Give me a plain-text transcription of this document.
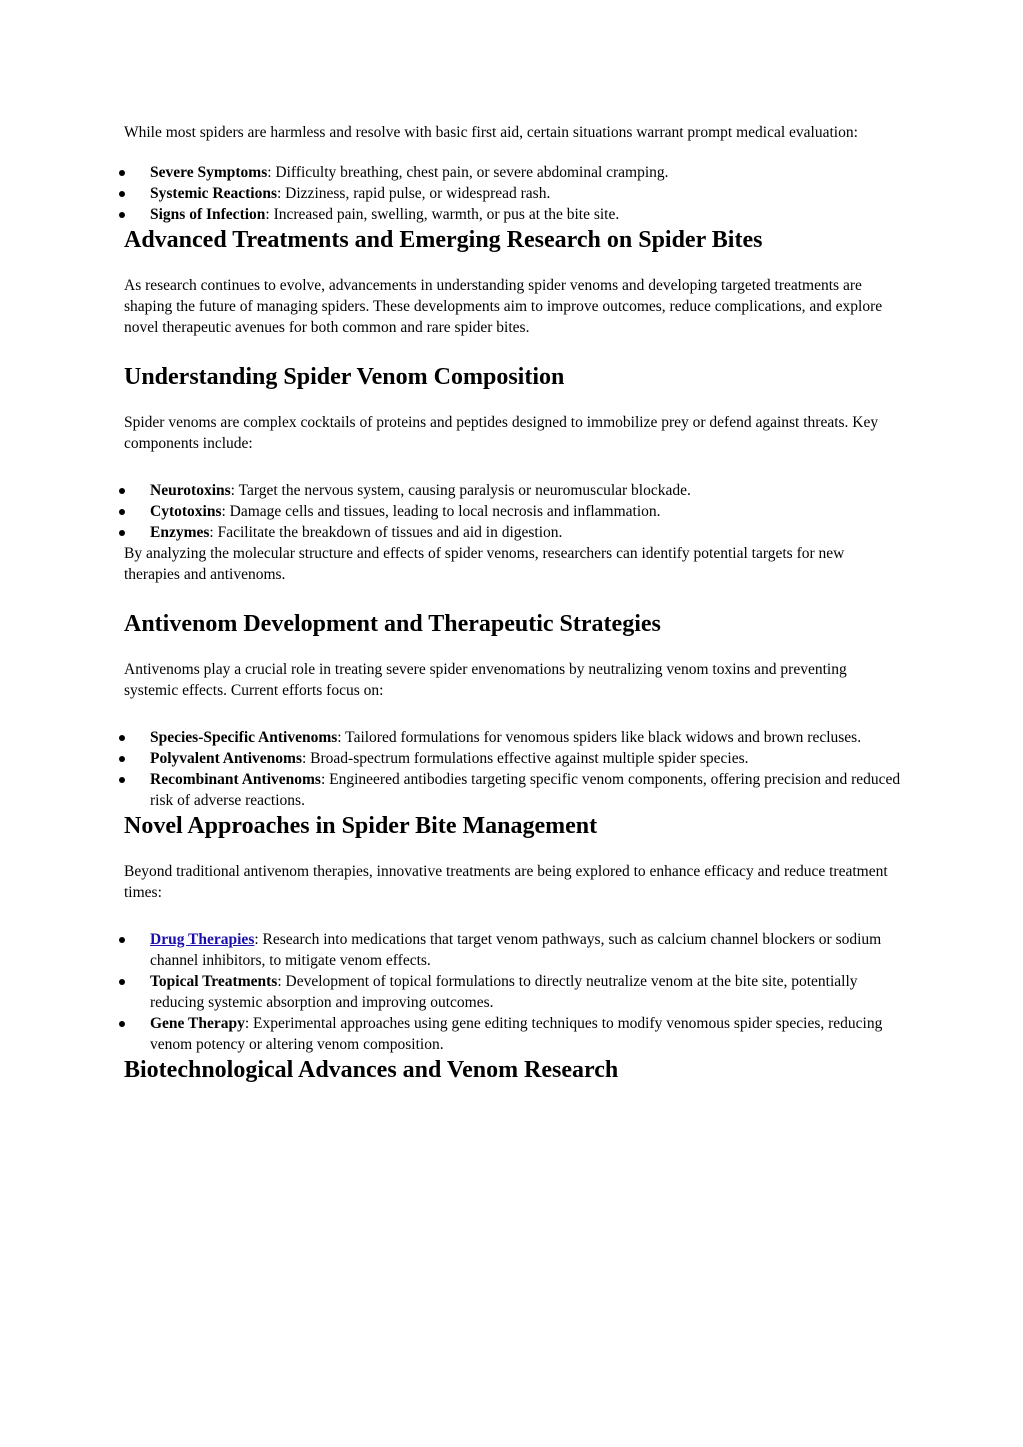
While most spiders are harmless and resolve with basic first aid, certain situations warrant prompt medical evaluation:

Severe Symptoms: Difficulty breathing, chest pain, or severe abdominal cramping.
Systemic Reactions: Dizziness, rapid pulse, or widespread rash.
Signs of Infection: Increased pain, swelling, warmth, or pus at the bite site.
Advanced Treatments and Emerging Research on Spider Bites

As research continues to evolve, advancements in understanding spider venoms and developing targeted treatments are shaping the future of managing spiders. These developments aim to improve outcomes, reduce complications, and explore novel therapeutic avenues for both common and rare spider bites.

Understanding Spider Venom Composition

Spider venoms are complex cocktails of proteins and peptides designed to immobilize prey or defend against threats. Key components include:

Neurotoxins: Target the nervous system, causing paralysis or neuromuscular blockade.
Cytotoxins: Damage cells and tissues, leading to local necrosis and inflammation.
Enzymes: Facilitate the breakdown of tissues and aid in digestion.

By analyzing the molecular structure and effects of spider venoms, researchers can identify potential targets for new therapies and antivenoms.

Antivenom Development and Therapeutic Strategies

Antivenoms play a crucial role in treating severe spider envenomations by neutralizing venom toxins and preventing systemic effects. Current efforts focus on:

Species-Specific Antivenoms: Tailored formulations for venomous spiders like black widows and brown recluses.
Polyvalent Antivenoms: Broad-spectrum formulations effective against multiple spider species.
Recombinant Antivenoms: Engineered antibodies targeting specific venom components, offering precision and reduced risk of adverse reactions.
Novel Approaches in Spider Bite Management

Beyond traditional antivenom therapies, innovative treatments are being explored to enhance efficacy and reduce treatment times:

Drug Therapies: Research into medications that target venom pathways, such as calcium channel blockers or sodium channel inhibitors, to mitigate venom effects.
Topical Treatments: Development of topical formulations to directly neutralize venom at the bite site, potentially reducing systemic absorption and improving outcomes.
Gene Therapy: Experimental approaches using gene editing techniques to modify venomous spider species, reducing venom potency or altering venom composition.
Biotechnological Advances and Venom Research
